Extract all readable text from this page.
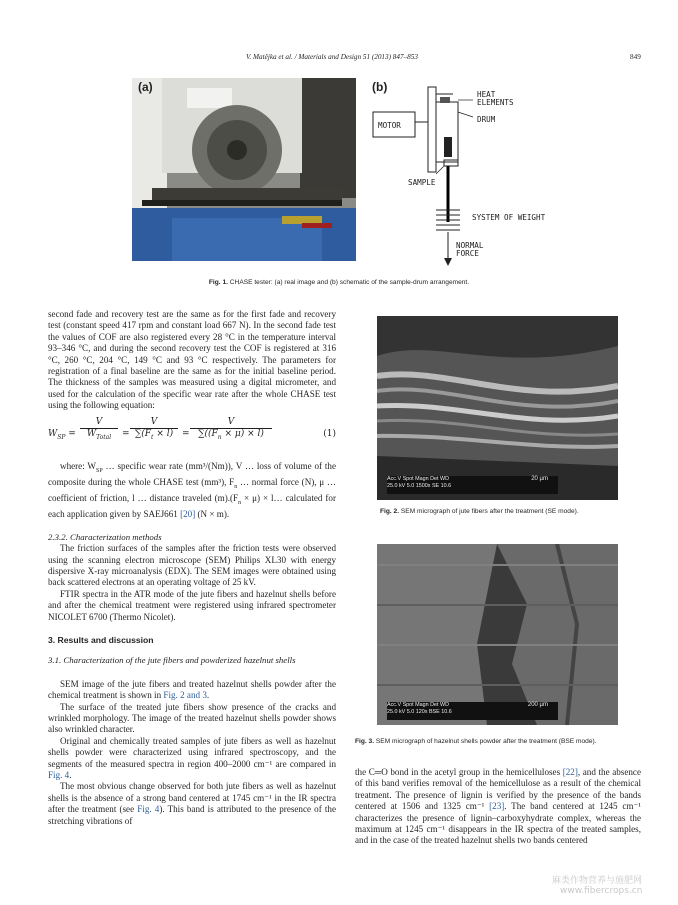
V. Matějka et al. / Materials and Design 51 (2013) 847–853	849
(a)	(b)
MOTOR
HEAT
ELEMENTS
DRUM
SAMPLE
SYSTEM OF WEIGHT
NORMAL
FORCE
Fig. 1. CHASE tester: (a) real image and (b) schematic of the sample-drum arrangement.

second fade and recovery test are the same as for the first fade and recovery test (constant speed 417 rpm and constant load 667 N). In the second fade test the values of COF are also registered every 28 °C in the temperature interval 93–346 °C, and during the second recovery test the COF is registered at 316 °C, 260 °C, 204 °C, 149 °C and 93 °C respectively. The parameters for registration of a final baseline are the same as for the initial baseline period. The thickness of the samples was measured using a digital micrometer, and used for the calculation of the specific wear rate after the whole CHASE test using the following equation:

$W_{SP}$ =
V
$W_{Total}$	=
V
$\sum(F_t \times l)$ =
V
$\sum((F_n \times \mu) \times l)$	(1)

where: $W_{SP}$ … specific wear rate (mm³/(Nm)), V … loss of volume of the composite during the whole CHASE test (mm³), $F_n$ … normal force (N), μ … coefficient of friction, l … distance traveled $(m).(F_n \times \mu)$ × l… calculated for each application given by SAEJ661 [20] (N × m).

2.3.2. Characterization methods

The friction surfaces of the samples after the friction tests were observed using the scanning electron microscope (SEM) Philips XL30 with energy dispersive X-ray microanalysis (EDX). The SEM images were obtained using back scattered electrons at an operating voltage of 25 kV.

FTIR spectra in the ATR mode of the jute fibers and hazelnut shells before and after the chemical treatment were registered using infrared spectrometer NICOLET 6700 (Thermo Nicolet).

3. Results and discussion
3.1. Characterization of the jute fibers and powderized hazelnut shells

SEM image of the jute fibers and treated hazelnut shells powder after the chemical treatment is shown in Fig. 2 and 3.

The surface of the treated jute fibers show presence of the cracks and wrinkled morphology. The image of the treated hazelnut shells powder shows also wrinkled character.

Original and chemically treated samples of jute fibers as well as hazelnut shells powder were characterized using infrared spectroscopy, and the segments of the measured spectra in region 400–2000 cm⁻¹ are compared in Fig. 4.

The most obvious change observed for both jute fibers as well as hazelnut shells is the absence of a strong band centered at 1745 cm⁻¹ in the IR spectra after the treatment (see Fig. 4). This band is attributed to the presence of the stretching vibrations of

Acc.V Spot Magn Det WD
25.0 kV 5.0 1500x SE 10.6
20 µm
Fig. 2. SEM micrograph of jute fibers after the treatment (SE mode).
Acc.V Spot Magn Det WD
25.0 kV 5.0 120x BSE 10.6
200 µm
Fig. 3. SEM micrograph of hazelnut shells powder after the treatment (BSE mode).

the C═O bond in the acetyl group in the hemicelluloses [22], and the absence of this band verifies removal of the hemicellulose as a result of the chemical treatment. The presence of lignin is verified by the presence of the bands centered at 1506 and 1325 cm⁻¹ [23]. The band centered at 1245 cm⁻¹ characterizes the presence of lignin–carboxyhydrate complex, whereas the maximum at 1245 cm⁻¹ disappears in the IR spectra of the treated samples, and in the case of the treated hazelnut shells two bands centered

麻类作物营养与施肥网
www.fibercrops.cn
